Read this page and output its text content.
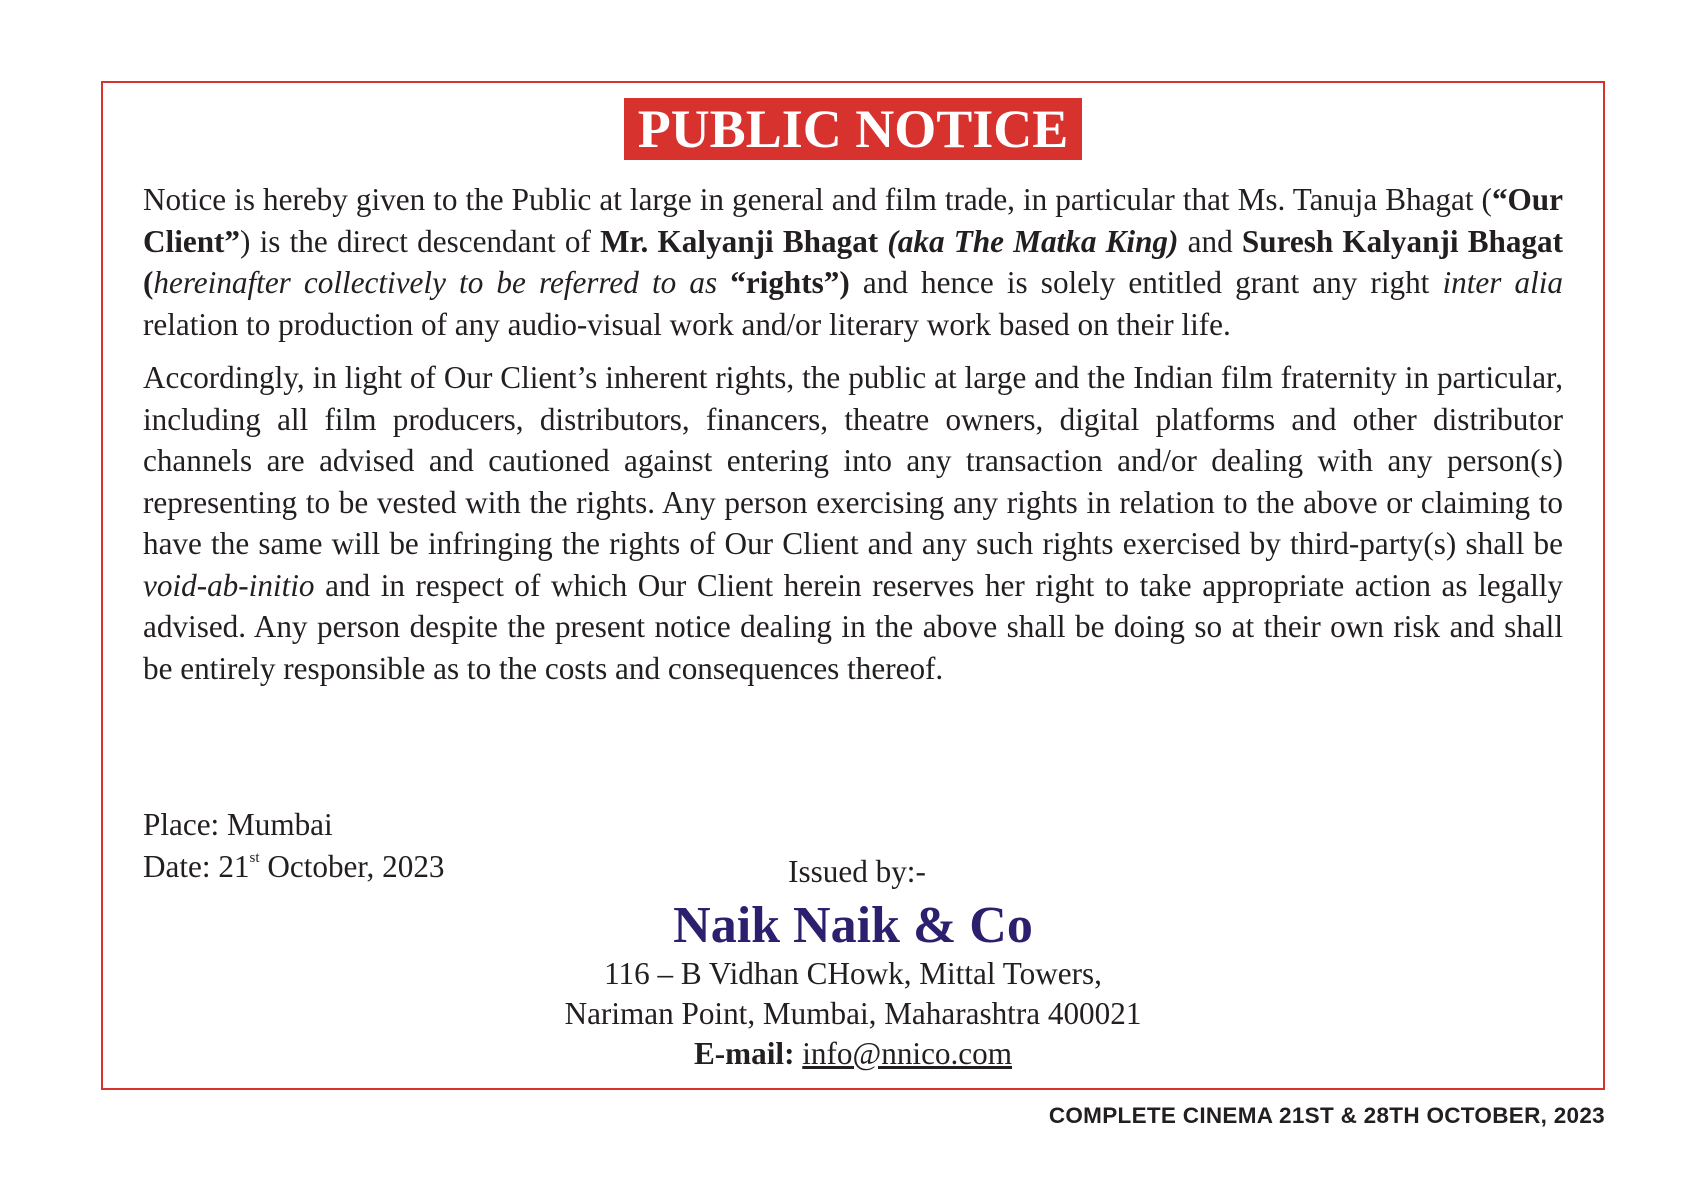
PUBLIC NOTICE

Notice is hereby given to the Public at large in general and film trade, in particular that Ms. Tanuja Bhagat (“Our Client”) is the direct descendant of Mr. Kalyanji Bhagat (aka The Matka King) and Suresh Kalyanji Bhagat (hereinafter collectively to be referred to as “rights”) and hence is solely entitled grant any right inter alia relation to production of any audio-visual work and/or literary work based on their life.

Accordingly, in light of Our Client’s inherent rights, the public at large and the Indian film fraternity in particular, including all film producers, distributors, financers, theatre owners, digital platforms and other distributor channels are advised and cautioned against entering into any transaction and/or dealing with any person(s) representing to be vested with the rights. Any person exercising any rights in relation to the above or claiming to have the same will be infringing the rights of Our Client and any such rights exercised by third-party(s) shall be void-ab-initio and in respect of which Our Client herein reserves her right to take appropriate action as legally advised. Any person despite the present notice dealing in the above shall be doing so at their own risk and shall be entirely responsible as to the costs and consequences thereof.

Place: Mumbai
Date: 21st October, 2023	Issued by:-
Naik Naik & Co
116 – B Vidhan CHowk, Mittal Towers,
Nariman Point, Mumbai, Maharashtra 400021
E-mail: info@nnico.com
COMPLETE CINEMA 21ST & 28TH OCTOBER, 2023
